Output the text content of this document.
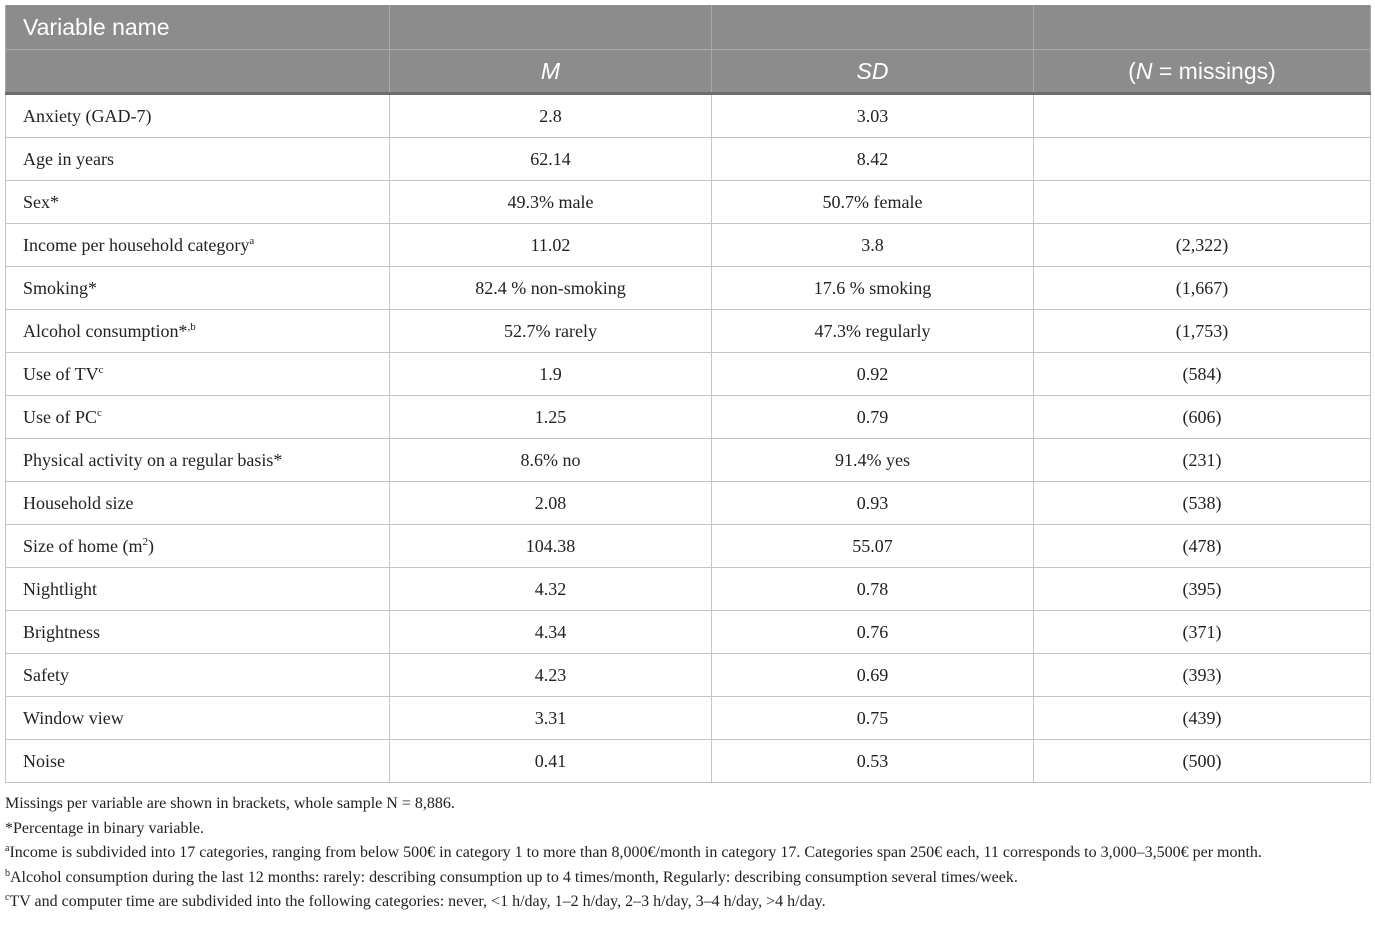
Variable name			
	M	SD	(N = missings)
Anxiety (GAD-7)	2.8	3.03	
Age in years	62.14	8.42	
Sex*	49.3% male	50.7% female	
Income per household category$^a$	11.02	3.8	(2,322)
Smoking*	82.4 % non-smoking	17.6 % smoking	(1,667)
Alcohol consumption*$^{,b}$	52.7% rarely	47.3% regularly	(1,753)
Use of $TV^c$	1.9	0.92	(584)
Use of $PC^c$	1.25	0.79	(606)
Physical activity on a regular basis*	8.6% no	91.4% yes	(231)
Household size	2.08	0.93	(538)
Size of home $(m^2)$	104.38	55.07	(478)
Nightlight	4.32	0.78	(395)
Brightness	4.34	0.76	(371)
Safety	4.23	0.69	(393)
Window view	3.31	0.75	(439)
Noise	0.41	0.53	(500)
Missings per variable are shown in brackets, whole sample N = 8,886.
*Percentage in binary variable.
$^a$Income is subdivided into 17 categories, ranging from below 500€ in category 1 to more than 8,000€/month in category 17. Categories span 250€ each, 11 corresponds to 3,000–3,500€ per month.
$^b$Alcohol consumption during the last 12 months: rarely: describing consumption up to 4 times/month, Regularly: describing consumption several times/week.
$^c$TV and computer time are subdivided into the following categories: never, <1 h/day, 1–2 h/day, 2–3 h/day, 3–4 h/day, >4 h/day.
